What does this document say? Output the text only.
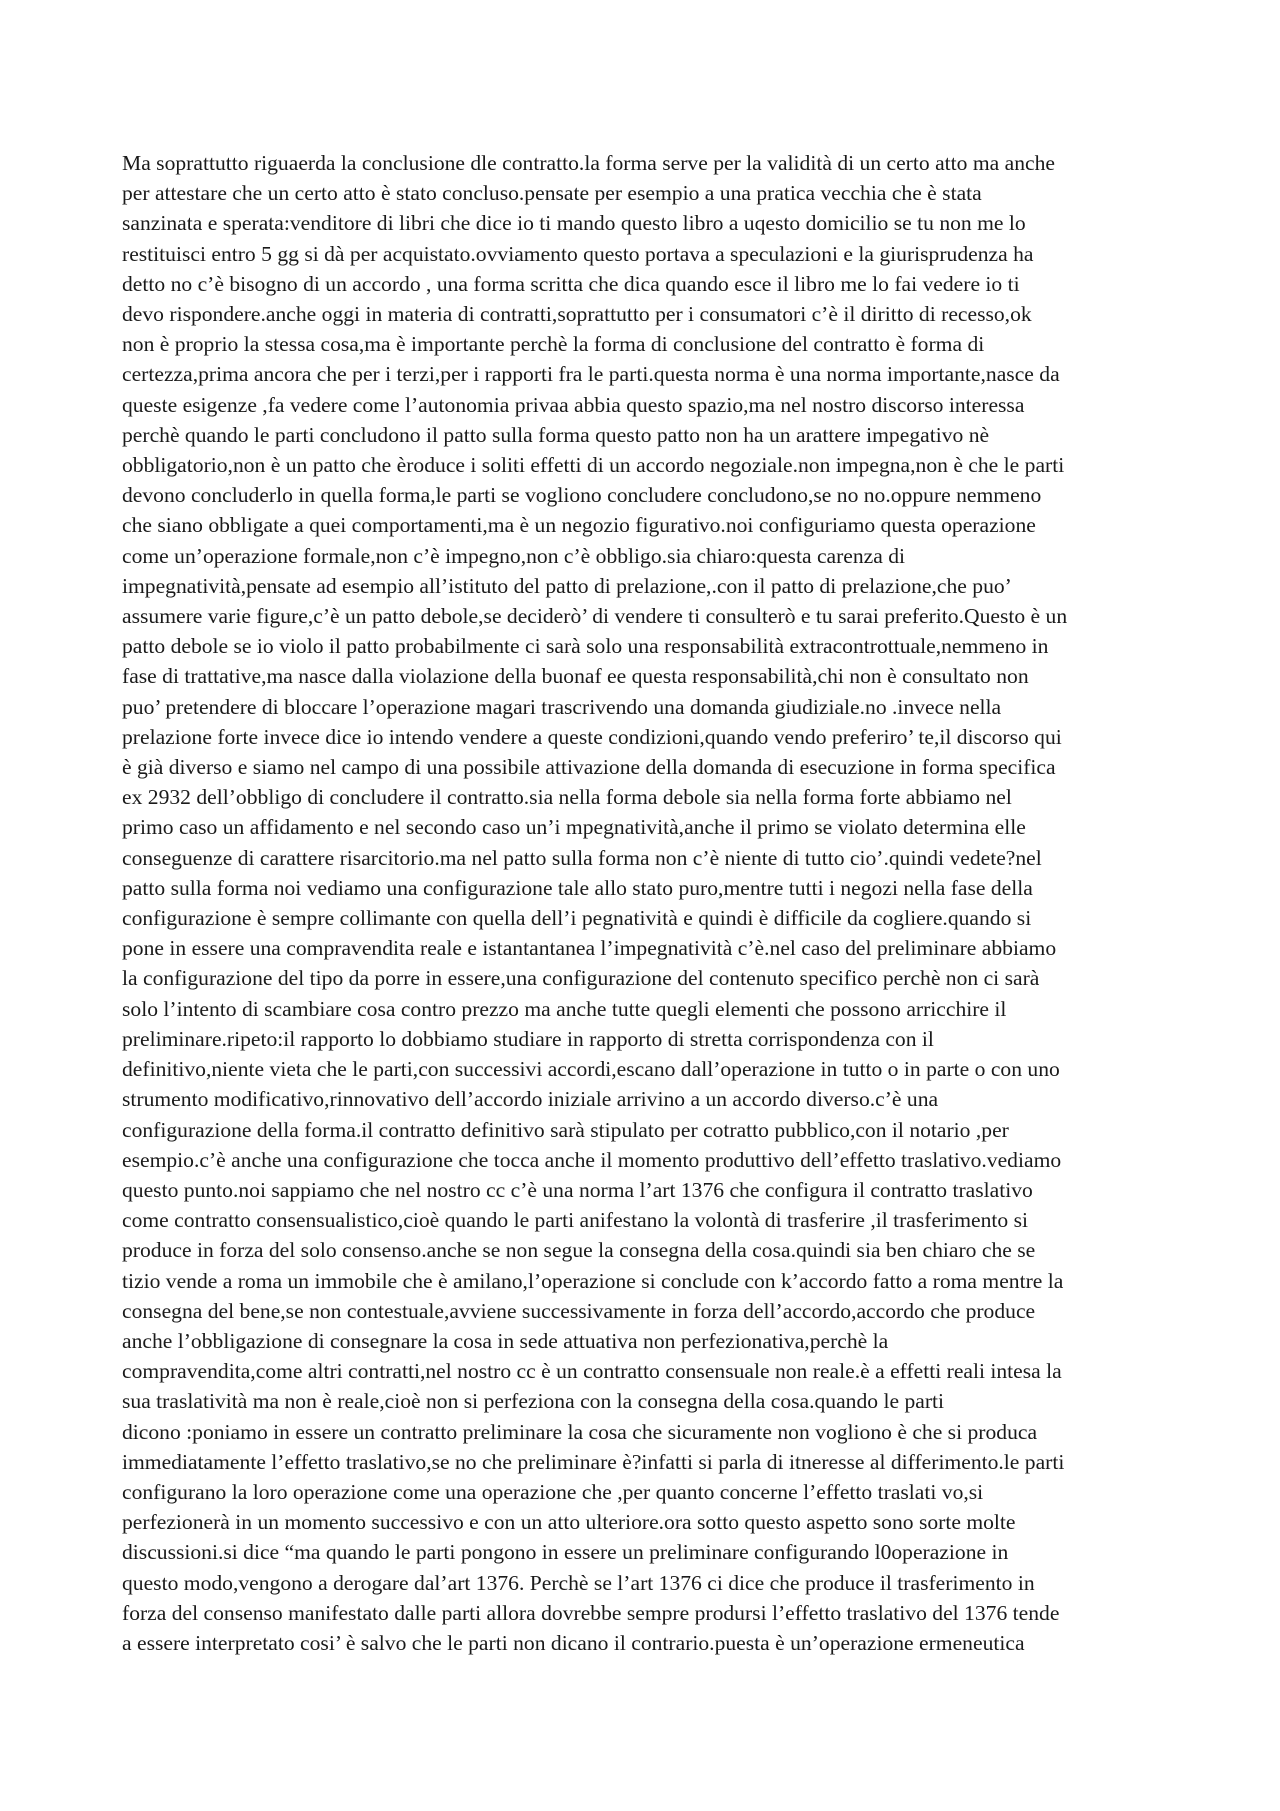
Ma soprattutto riguaerda la conclusione dle contratto.la forma serve per la validità di un certo atto ma anche
per attestare che un certo atto è stato concluso.pensate per esempio a una pratica vecchia che è stata
sanzinata e sperata:venditore di libri che dice io ti mando questo libro a uqesto domicilio se tu non me lo
restituisci entro 5 gg si dà per acquistato.ovviamento questo portava a speculazioni e la giurisprudenza ha
detto no c’è bisogno di un accordo , una forma scritta che dica quando esce il libro me lo fai vedere io ti
devo rispondere.anche oggi in materia di contratti,soprattutto per i consumatori c’è il diritto di recesso,ok
non è proprio la stessa cosa,ma è importante perchè la forma di conclusione del contratto è forma di
certezza,prima ancora che per i terzi,per i rapporti fra le parti.questa norma è una norma importante,nasce da
queste esigenze ,fa vedere come l’autonomia privaa abbia questo spazio,ma nel nostro discorso interessa
perchè quando le parti concludono il patto sulla forma questo patto non ha un arattere impegativo nè
obbligatorio,non è un patto che èroduce i soliti effetti di un accordo negoziale.non impegna,non è che le parti
devono concluderlo in quella forma,le parti se vogliono concludere concludono,se no no.oppure nemmeno
che siano obbligate a quei comportamenti,ma è un negozio figurativo.noi configuriamo questa operazione
come un’operazione formale,non c’è impegno,non c’è obbligo.sia chiaro:questa carenza di
impegnatività,pensate ad esempio all’istituto del patto di prelazione,.con il patto di prelazione,che puo’
assumere varie figure,c’è un patto debole,se deciderò’ di vendere ti consulterò e tu sarai preferito.Questo è un
patto debole se io violo il patto probabilmente ci sarà solo una responsabilità extracontrottuale,nemmeno in
fase di trattative,ma nasce dalla violazione della buonaf ee questa responsabilità,chi non è consultato non
puo’ pretendere di bloccare l’operazione magari trascrivendo una domanda giudiziale.no .invece nella
prelazione forte invece dice io intendo vendere a queste condizioni,quando vendo preferiro’ te,il discorso qui
è già diverso e siamo nel campo di una possibile attivazione della domanda di esecuzione in forma specifica
ex 2932 dell’obbligo di concludere il contratto.sia nella forma debole sia nella forma forte abbiamo nel
primo caso un affidamento e nel secondo caso un’i mpegnatività,anche il primo se violato determina elle
conseguenze di carattere risarcitorio.ma nel patto sulla forma non c’è niente di tutto cio’.quindi vedete?nel
patto sulla forma noi vediamo una configurazione tale allo stato puro,mentre tutti i negozi nella fase della
configurazione è sempre collimante con quella dell’i pegnatività e quindi è difficile da cogliere.quando si
pone in essere una compravendita reale e istantantanea l’impegnatività c’è.nel caso del preliminare abbiamo
la configurazione del tipo da porre in essere,una configurazione del contenuto specifico perchè non ci sarà
solo l’intento di scambiare cosa contro prezzo ma anche tutte quegli elementi che possono arricchire il
preliminare.ripeto:il rapporto lo dobbiamo studiare in rapporto di stretta corrispondenza con il
definitivo,niente vieta che le parti,con successivi accordi,escano dall’operazione in tutto o in parte o con uno
strumento modificativo,rinnovativo dell’accordo iniziale arrivino a un accordo diverso.c’è una
configurazione della forma.il contratto definitivo sarà stipulato per cotratto pubblico,con il notario ,per
esempio.c’è anche una configurazione che tocca anche il momento produttivo dell’effetto traslativo.vediamo
questo punto.noi sappiamo che nel nostro cc c’è una norma l’art 1376 che configura il contratto traslativo
come contratto consensualistico,cioè quando le parti anifestano la volontà di trasferire ,il trasferimento si
produce in forza del solo consenso.anche se non segue la consegna della cosa.quindi sia ben chiaro che se
tizio vende a roma un immobile che è amilano,l’operazione si conclude con k’accordo fatto a roma mentre la
consegna del bene,se non contestuale,avviene successivamente in forza dell’accordo,accordo che produce
anche l’obbligazione di consegnare la cosa in sede attuativa non perfezionativa,perchè la
compravendita,come altri contratti,nel nostro cc è un contratto consensuale non reale.è a effetti reali intesa la
sua traslatività ma non è reale,cioè non si perfeziona con la consegna della cosa.quando le parti
dicono :poniamo in essere un contratto preliminare la cosa che sicuramente non vogliono è che si produca
immediatamente l’effetto traslativo,se no che preliminare è?infatti si parla di itneresse al differimento.le parti
configurano la loro operazione come una operazione che ,per quanto concerne l’effetto traslati vo,si
perfezionerà in un momento successivo e con un atto ulteriore.ora sotto questo aspetto sono sorte molte
discussioni.si dice “ma quando le parti pongono in essere un preliminare configurando l0operazione in
questo modo,vengono a derogare dal’art 1376. Perchè se l’art 1376 ci dice che produce il trasferimento in
forza del consenso manifestato dalle parti allora dovrebbe sempre prodursi l’effetto traslativo del 1376 tende
a essere interpretato cosi’ è salvo che le parti non dicano il contrario.puesta è un’operazione ermeneutica
